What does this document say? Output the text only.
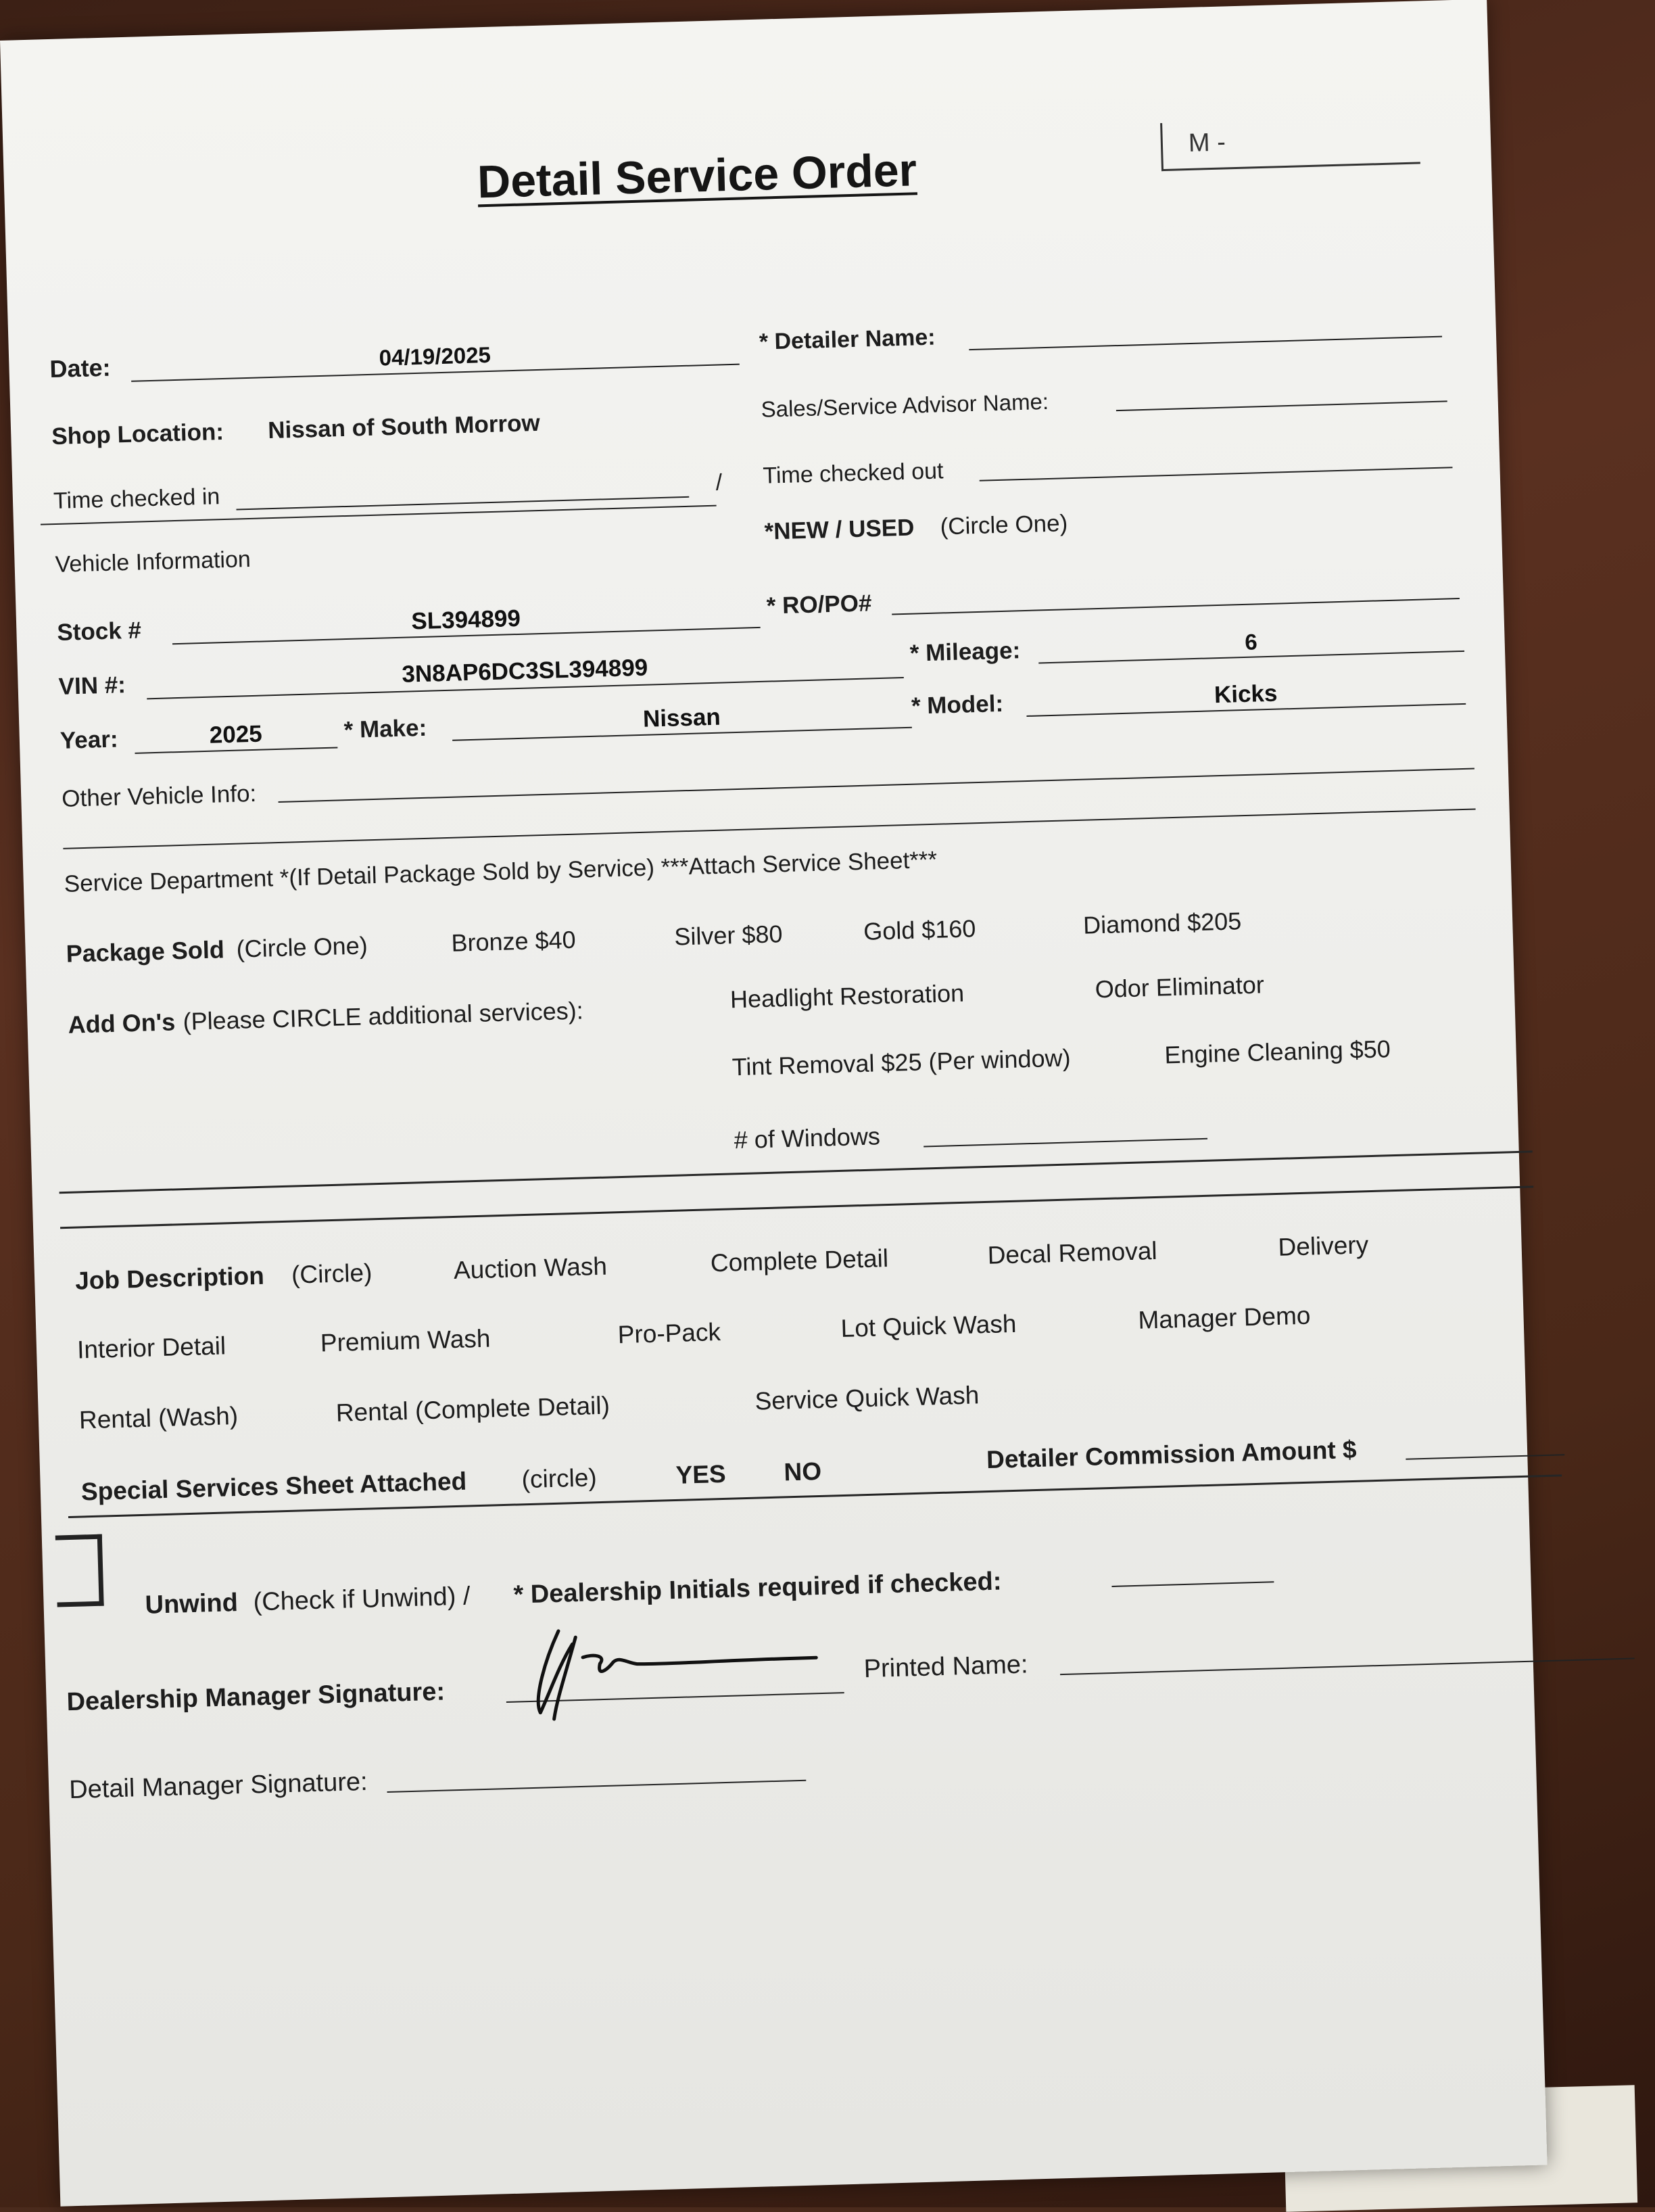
Detail Service Order
M -
Date:	04/19/2025
* Detailer Name:
Shop Location: Nissan of South Morrow
Sales/Service Advisor Name:
Time checked in
/ Time checked out
Vehicle Information
*NEW / USED (Circle One)
Stock #	SL394899
* RO/PO#
VIN #:	3N8AP6DC3SL394899
* Mileage:	6
Year:	2025	* Make:	Nissan	* Model:	Kicks
Other Vehicle Info:
Service Department *(If Detail Package Sold by Service) ***Attach Service Sheet***
Package Sold (Circle One)	Bronze $40	Silver $80	Gold $160	Diamond $205
Add On's (Please CIRCLE additional services):
Headlight Restoration	Odor Eliminator
Tint Removal $25 (Per window)	Engine Cleaning $50
# of Windows
Job Description (Circle)	Auction Wash	Complete Detail	Decal Removal	Delivery
Interior Detail	Premium Wash	Pro-Pack	Lot Quick Wash	Manager Demo
Rental (Wash)	Rental (Complete Detail)	Service Quick Wash
Special Services Sheet Attached (circle)	YES NO	Detailer Commission Amount $
Unwind (Check if Unwind) / * Dealership Initials required if checked:
Dealership Manager Signature:
Printed Name:
Detail Manager Signature:
